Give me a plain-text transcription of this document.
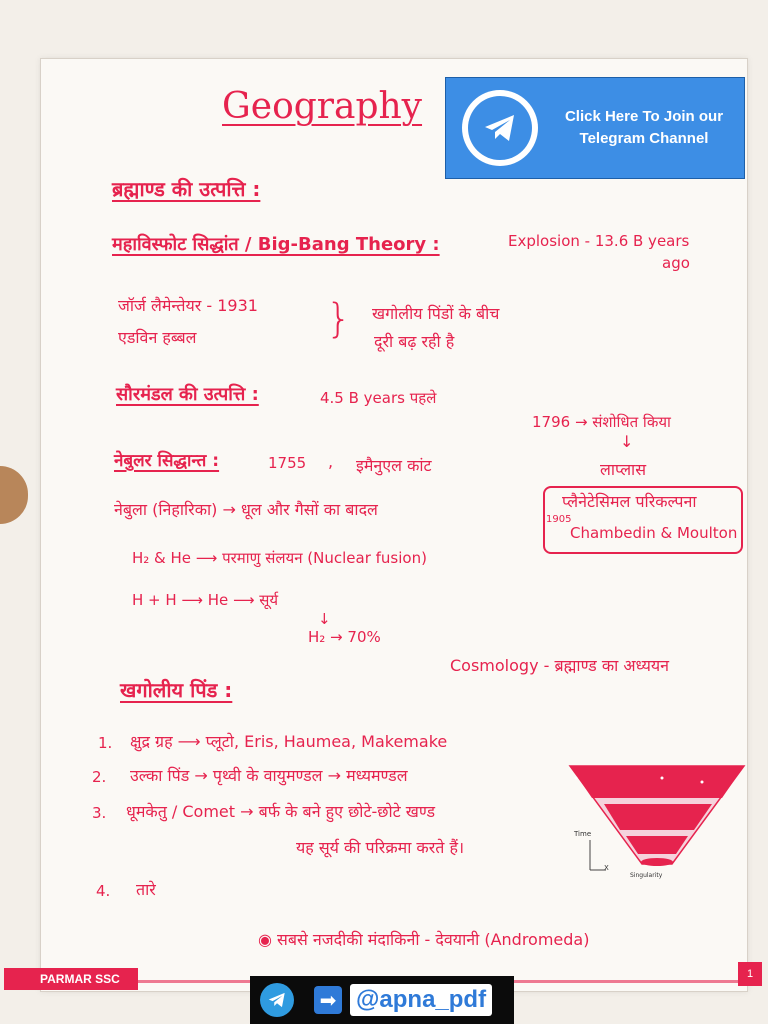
Geography	Click Here To Join our
Telegram Channel
ब्रह्माण्ड की उत्पत्ति :
महाविस्फोट सिद्धांत / Big-Bang Theory :	Explosion - 13.6 B years
ago
जॉर्ज लैमेन्तेयर - 1931
एडविन हब्बल	} खगोलीय पिंडों के बीच
दूरी बढ़ रही है
सौरमंडल की उत्पत्ति :	4.5 B years पहले
1796 → संशोधित किया
↓
लाप्लास
नेबुलर सिद्धान्त :	1755 , इमैनुएल कांट
नेबुला (निहारिका) → धूल और गैसों का बादल	प्लैनेटेसिमल परिकल्पना
1905
Chambedin & Moulton
H₂ & He ⟶ परमाणु संलयन (Nuclear fusion)
H + H ⟶ He ⟶ सूर्य
↓
H₂ → 70%
Cosmology - ब्रह्माण्ड का अध्ययन
खगोलीय पिंड :
1. क्षुद्र ग्रह ⟶ प्लूटो, Eris, Haumea, Makemake
2. उल्का पिंड → पृथ्वी के वायुमण्डल → मध्यमण्डल
3. धूमकेतु / Comet → बर्फ के बने हुए छोटे-छोटे खण्ड
यह सूर्य की परिक्रमा करते हैं।
4. तारे
◉ सबसे नजदीकी मंदाकिनी - देवयानी (Andromeda)
Time
X
Singularity
PARMAR SSC	1
➡ @apna_pdf
